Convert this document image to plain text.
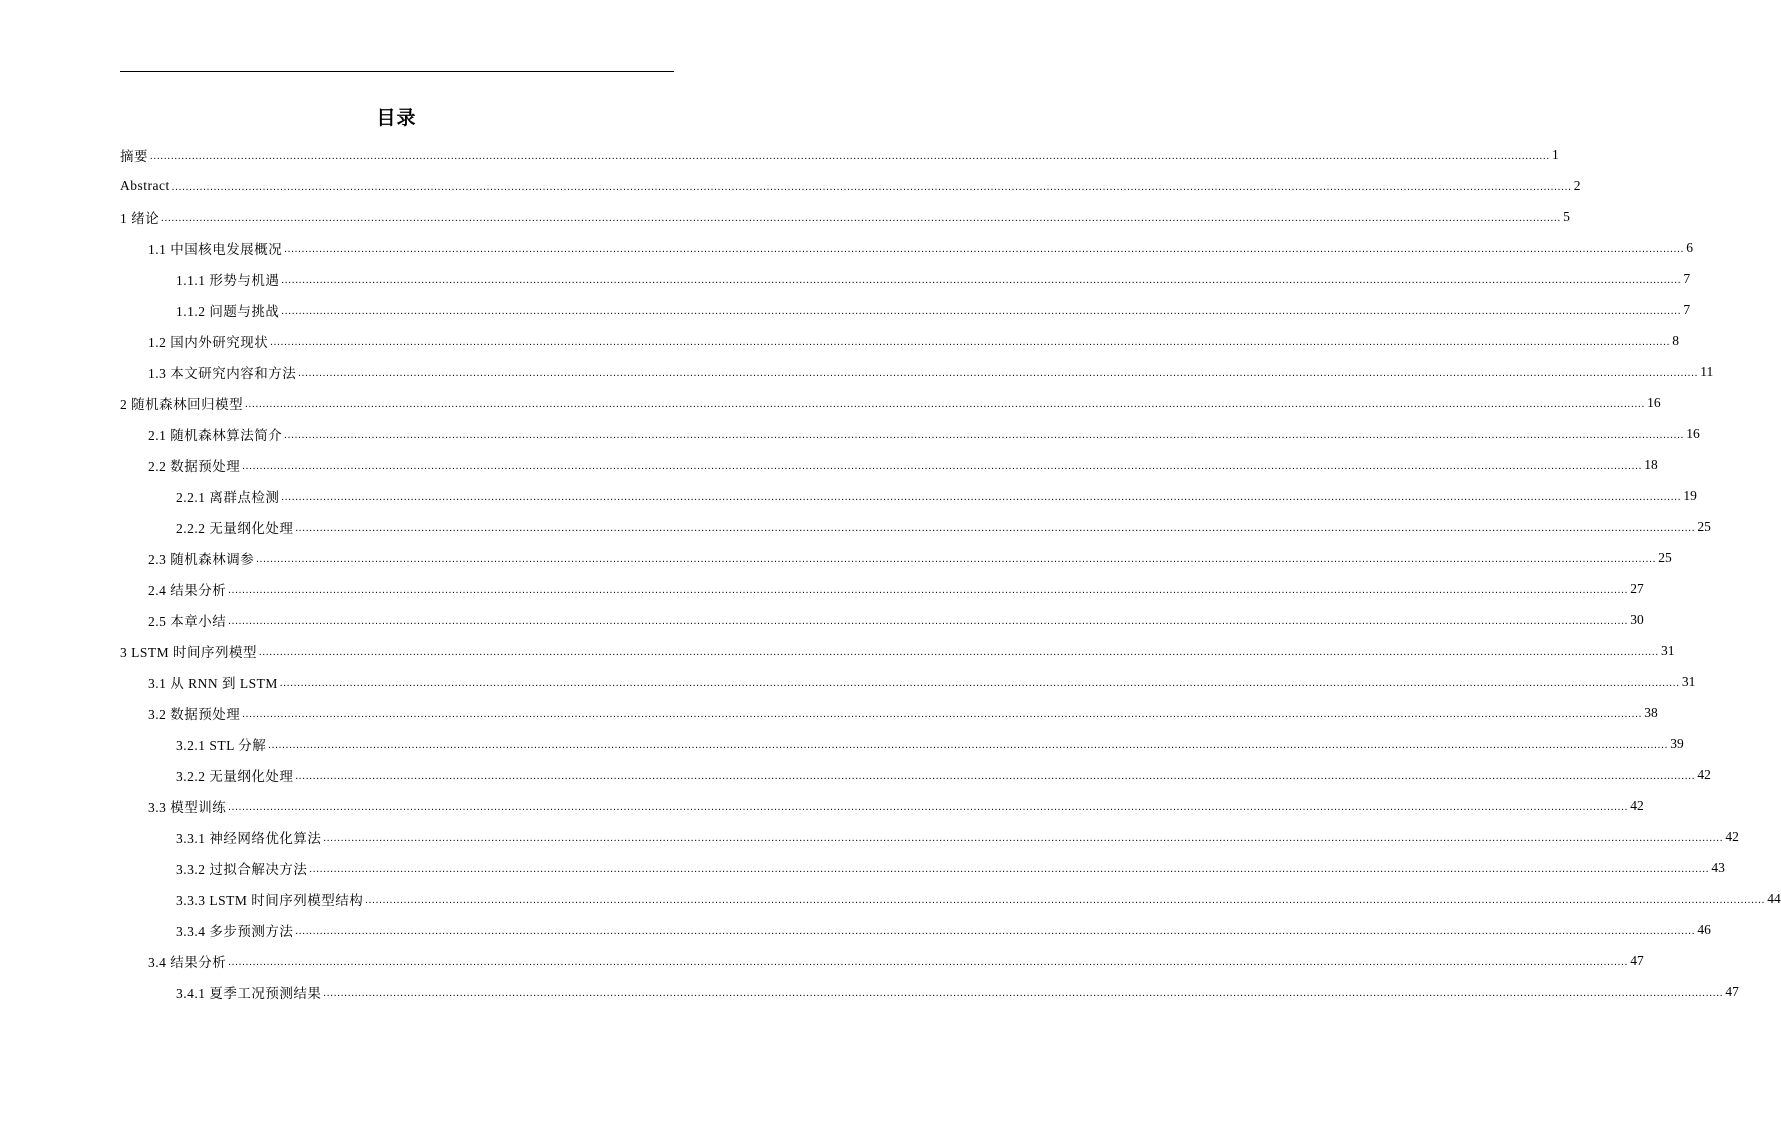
目录
摘要 ................................................................................................................................................................................................................................................................................................................................................................................................................ 1
Abstract ................................................................................................................................................................................................................................................................................................................................................................................................................ 2
1 绪论 ................................................................................................................................................................................................................................................................................................................................................................................................................ 5
1.1 中国核电发展概况 ................................................................................................................................................................................................................................................................................................................................................................................................................ 6
1.1.1 形势与机遇 ................................................................................................................................................................................................................................................................................................................................................................................................................ 7
1.1.2 问题与挑战 ................................................................................................................................................................................................................................................................................................................................................................................................................ 7
1.2 国内外研究现状 ................................................................................................................................................................................................................................................................................................................................................................................................................ 8
1.3 本文研究内容和方法 ................................................................................................................................................................................................................................................................................................................................................................................................................ 11
2 随机森林回归模型 ................................................................................................................................................................................................................................................................................................................................................................................................................ 16
2.1 随机森林算法简介 ................................................................................................................................................................................................................................................................................................................................................................................................................ 16
2.2 数据预处理 ................................................................................................................................................................................................................................................................................................................................................................................................................ 18
2.2.1 离群点检测 ................................................................................................................................................................................................................................................................................................................................................................................................................ 19
2.2.2 无量纲化处理 ................................................................................................................................................................................................................................................................................................................................................................................................................ 25
2.3 随机森林调参 ................................................................................................................................................................................................................................................................................................................................................................................................................ 25
2.4 结果分析 ................................................................................................................................................................................................................................................................................................................................................................................................................ 27
2.5 本章小结 ................................................................................................................................................................................................................................................................................................................................................................................................................ 30
3 LSTM 时间序列模型 ................................................................................................................................................................................................................................................................................................................................................................................................................ 31
3.1 从 RNN 到 LSTM ................................................................................................................................................................................................................................................................................................................................................................................................................ 31
3.2 数据预处理 ................................................................................................................................................................................................................................................................................................................................................................................................................ 38
3.2.1 STL 分解 ................................................................................................................................................................................................................................................................................................................................................................................................................ 39
3.2.2 无量纲化处理 ................................................................................................................................................................................................................................................................................................................................................................................................................ 42
3.3 模型训练 ................................................................................................................................................................................................................................................................................................................................................................................................................ 42
3.3.1 神经网络优化算法 ................................................................................................................................................................................................................................................................................................................................................................................................................ 42
3.3.2 过拟合解决方法 ................................................................................................................................................................................................................................................................................................................................................................................................................ 43
3.3.3 LSTM 时间序列模型结构 ................................................................................................................................................................................................................................................................................................................................................................................................................ 44
3.3.4 多步预测方法 ................................................................................................................................................................................................................................................................................................................................................................................................................ 46
3.4 结果分析 ................................................................................................................................................................................................................................................................................................................................................................................................................ 47
3.4.1 夏季工况预测结果 ................................................................................................................................................................................................................................................................................................................................................................................................................ 47
